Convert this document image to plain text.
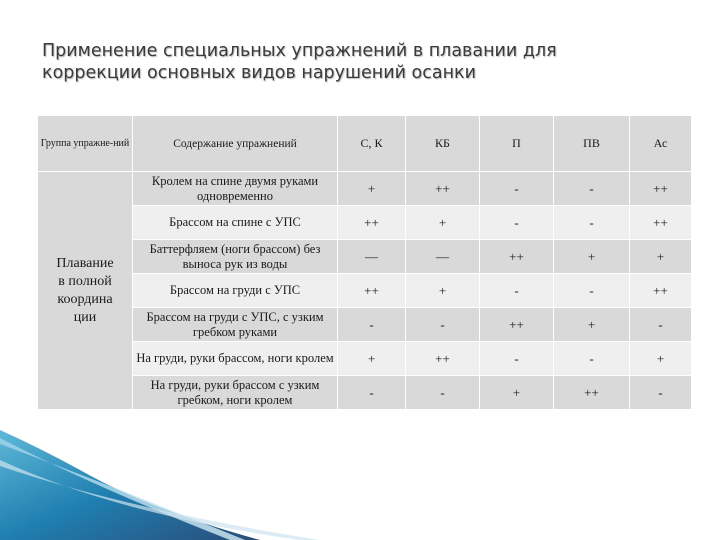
Применение специальных упражнений в плавании для
коррекции основных видов нарушений осанки
Группа упражне-ний	Содержание упражнений	С, К	КБ	П	ПВ	Ас

Плавание
в полной
координа
ции	Кролем на спине двумя руками одновременно	+	++	-	-	++
	Брассом на спине с УПС	++	+	-	-	++
	Баттерфляем (ноги брассом) без выноса рук из воды	—	—	++	+	+
	Брассом на груди с УПС	++	+	-	-	++
	Брассом на груди с УПС, с узким гребком руками	-	-	++	+	-
	На груди, руки брассом, ноги кролем	+	++	-	-	+
	На груди, руки брассом с узким гребком, ноги кролем	-	-	+	++	-
